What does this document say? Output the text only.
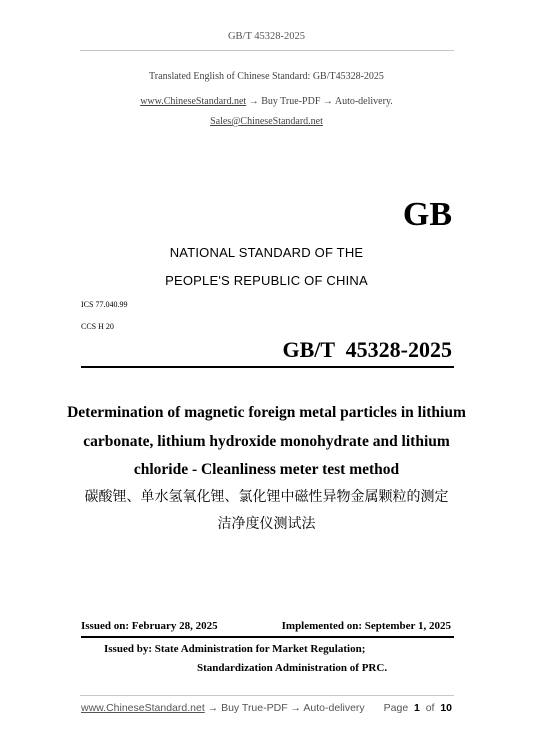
GB/T 45328-2025
Translated English of Chinese Standard: GB/T45328-2025
www.ChineseStandard.net → Buy True-PDF → Auto-delivery.
Sales@ChineseStandard.net
GB
NATIONAL STANDARD OF THE
PEOPLE'S REPUBLIC OF CHINA
ICS 77.040.99
CCS H 20
GB/T  45328-2025
Determination of magnetic foreign metal particles in lithium
carbonate, lithium hydroxide monohydrate and lithium
chloride - Cleanliness meter test method
碳酸锂、单水氢氧化锂、氯化锂中磁性异物金属颗粒的测定
洁净度仪测试法
Issued on: February 28, 2025	Implemented on: September 1, 2025
Issued by: State Administration for Market Regulation;
Standardization Administration of PRC.
www.ChineseStandard.net → Buy True-PDF → Auto-delivery Page 1 of 10
